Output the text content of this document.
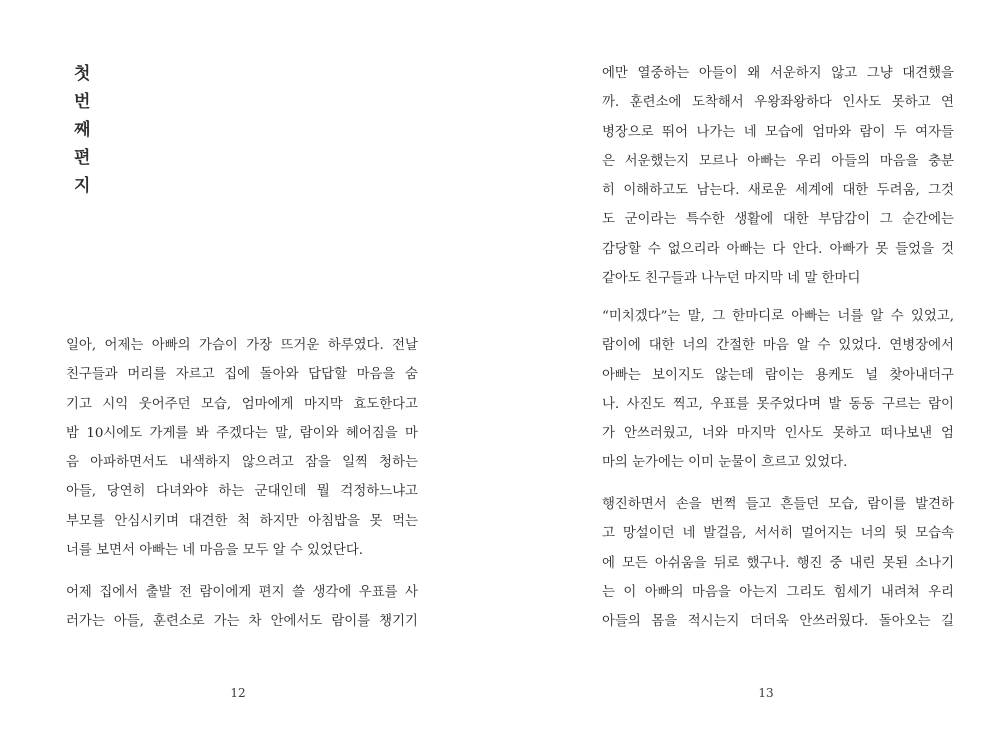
첫
번
째
편
지
일아, 어제는 아빠의 가슴이 가장 뜨거운 하루였다. 전날
친구들과 머리를 자르고 집에 돌아와 답답할 마음을 숨
기고 시익 웃어주던 모습, 엄마에게 마지막 효도한다고
밤 10시에도 가게를 봐 주겠다는 말, 람이와 헤어짐을 마
음 아파하면서도 내색하지 않으려고 잠을 일찍 청하는
아들, 당연히 다녀와야 하는 군대인데 뭘 걱정하느냐고
부모를 안심시키며 대견한 척 하지만 아침밥을 못 먹는
너를 보면서 아빠는 네 마음을 모두 알 수 있었단다.
어제 집에서 출발 전 람이에게 편지 쓸 생각에 우표를 사
러가는 아들, 훈련소로 가는 차 안에서도 람이를 챙기기
12
에만 열중하는 아들이 왜 서운하지 않고 그냥 대견했을
까. 훈련소에 도착해서 우왕좌왕하다 인사도 못하고 연
병장으로 뛰어 나가는 네 모습에 엄마와 람이 두 여자들
은 서운했는지 모르나 아빠는 우리 아들의 마음을 충분
히 이해하고도 남는다. 새로운 세계에 대한 두려움, 그것
도 군이라는 특수한 생활에 대한 부담감이 그 순간에는
감당할 수 없으리라 아빠는 다 안다. 아빠가 못 들었을 것
같아도 친구들과 나누던 마지막 네 말 한마디
“미치겠다”는 말, 그 한마디로 아빠는 너를 알 수 있었고,
람이에 대한 너의 간절한 마음 알 수 있었다. 연병장에서
아빠는 보이지도 않는데 람이는 용케도 널 찾아내더구
나. 사진도 찍고, 우표를 못주었다며 발 동동 구르는 람이
가 안쓰러웠고, 너와 마지막 인사도 못하고 떠나보낸 엄
마의 눈가에는 이미 눈물이 흐르고 있었다.
행진하면서 손을 번쩍 들고 흔들던 모습, 람이를 발견하
고 망설이던 네 발걸음, 서서히 멀어지는 너의 뒷 모습속
에 모든 아쉬움을 뒤로 했구나. 행진 중 내린 못된 소나기
는 이 아빠의 마음을 아는지 그리도 힘세기 내려쳐 우리
아들의 몸을 적시는지 더더욱 안쓰러웠다. 돌아오는 길
13
